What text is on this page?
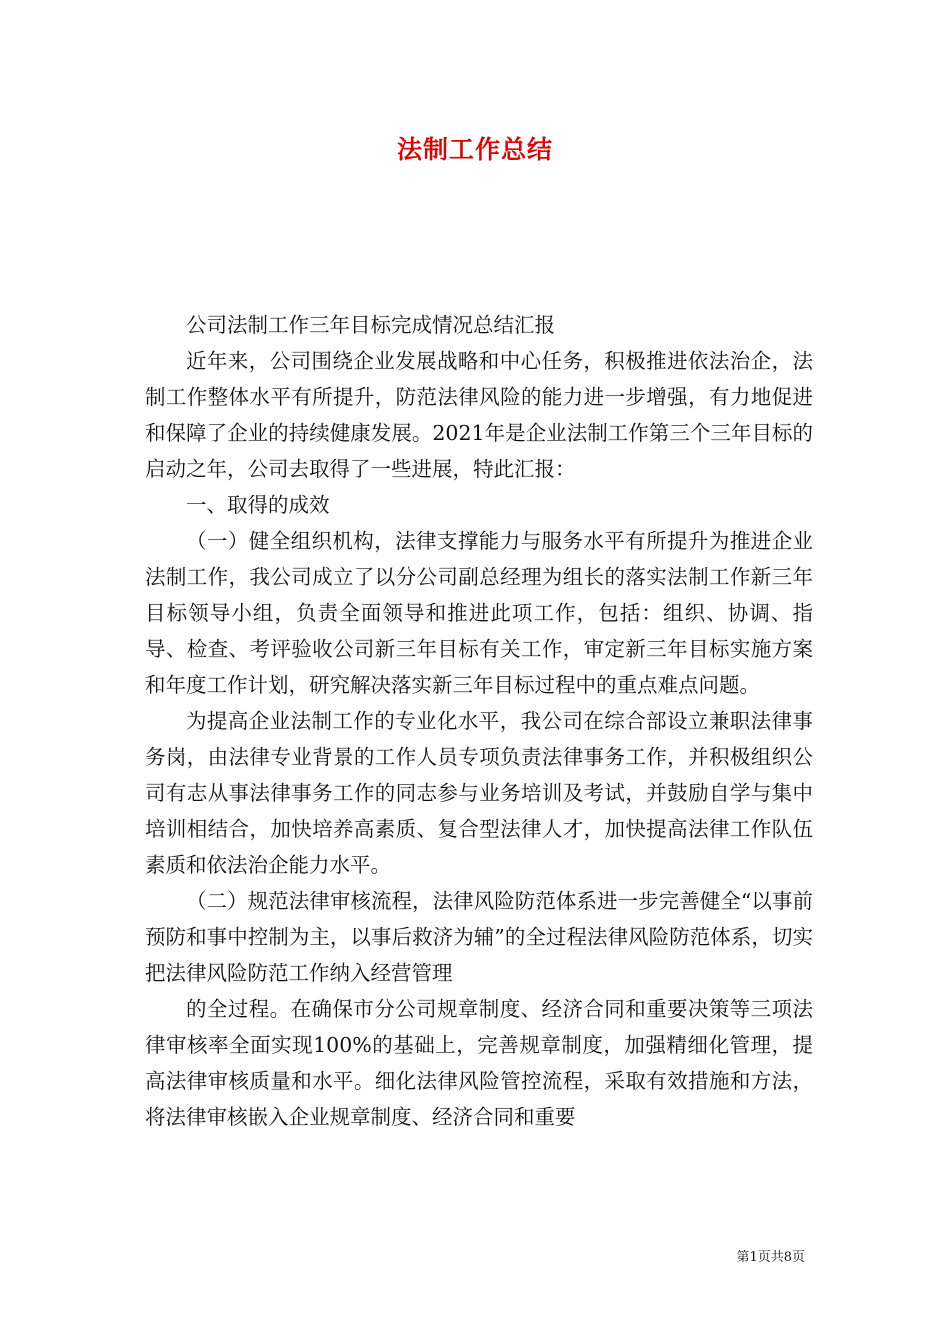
法制工作总结

公司法制工作三年目标完成情况总结汇报

近年来，公司围绕企业发展战略和中心任务，积极推进依法治企，法制工作整体水平有所提升，防范法律风险的能力进一步增强，有力地促进和保障了企业的持续健康发展。2021年是企业法制工作第三个三年目标的启动之年，公司去取得了一些进展，特此汇报：

一、取得的成效

（一）健全组织机构，法律支撑能力与服务水平有所提升为推进企业法制工作，我公司成立了以分公司副总经理为组长的落实法制工作新三年目标领导小组，负责全面领导和推进此项工作，包括：组织、协调、指导、检查、考评验收公司新三年目标有关工作，审定新三年目标实施方案和年度工作计划，研究解决落实新三年目标过程中的重点难点问题。

为提高企业法制工作的专业化水平，我公司在综合部设立兼职法律事务岗，由法律专业背景的工作人员专项负责法律事务工作，并积极组织公司有志从事法律事务工作的同志参与业务培训及考试，并鼓励自学与集中培训相结合，加快培养高素质、复合型法律人才，加快提高法律工作队伍素质和依法治企能力水平。

（二）规范法律审核流程，法律风险防范体系进一步完善健全“以事前预防和事中控制为主，以事后救济为辅”的全过程法律风险防范体系，切实把法律风险防范工作纳入经营管理

的全过程。在确保市分公司规章制度、经济合同和重要决策等三项法律审核率全面实现100%的基础上，完善规章制度，加强精细化管理，提高法律审核质量和水平。细化法律风险管控流程，采取有效措施和方法，将法律审核嵌入企业规章制度、经济合同和重要

第1页共8页
